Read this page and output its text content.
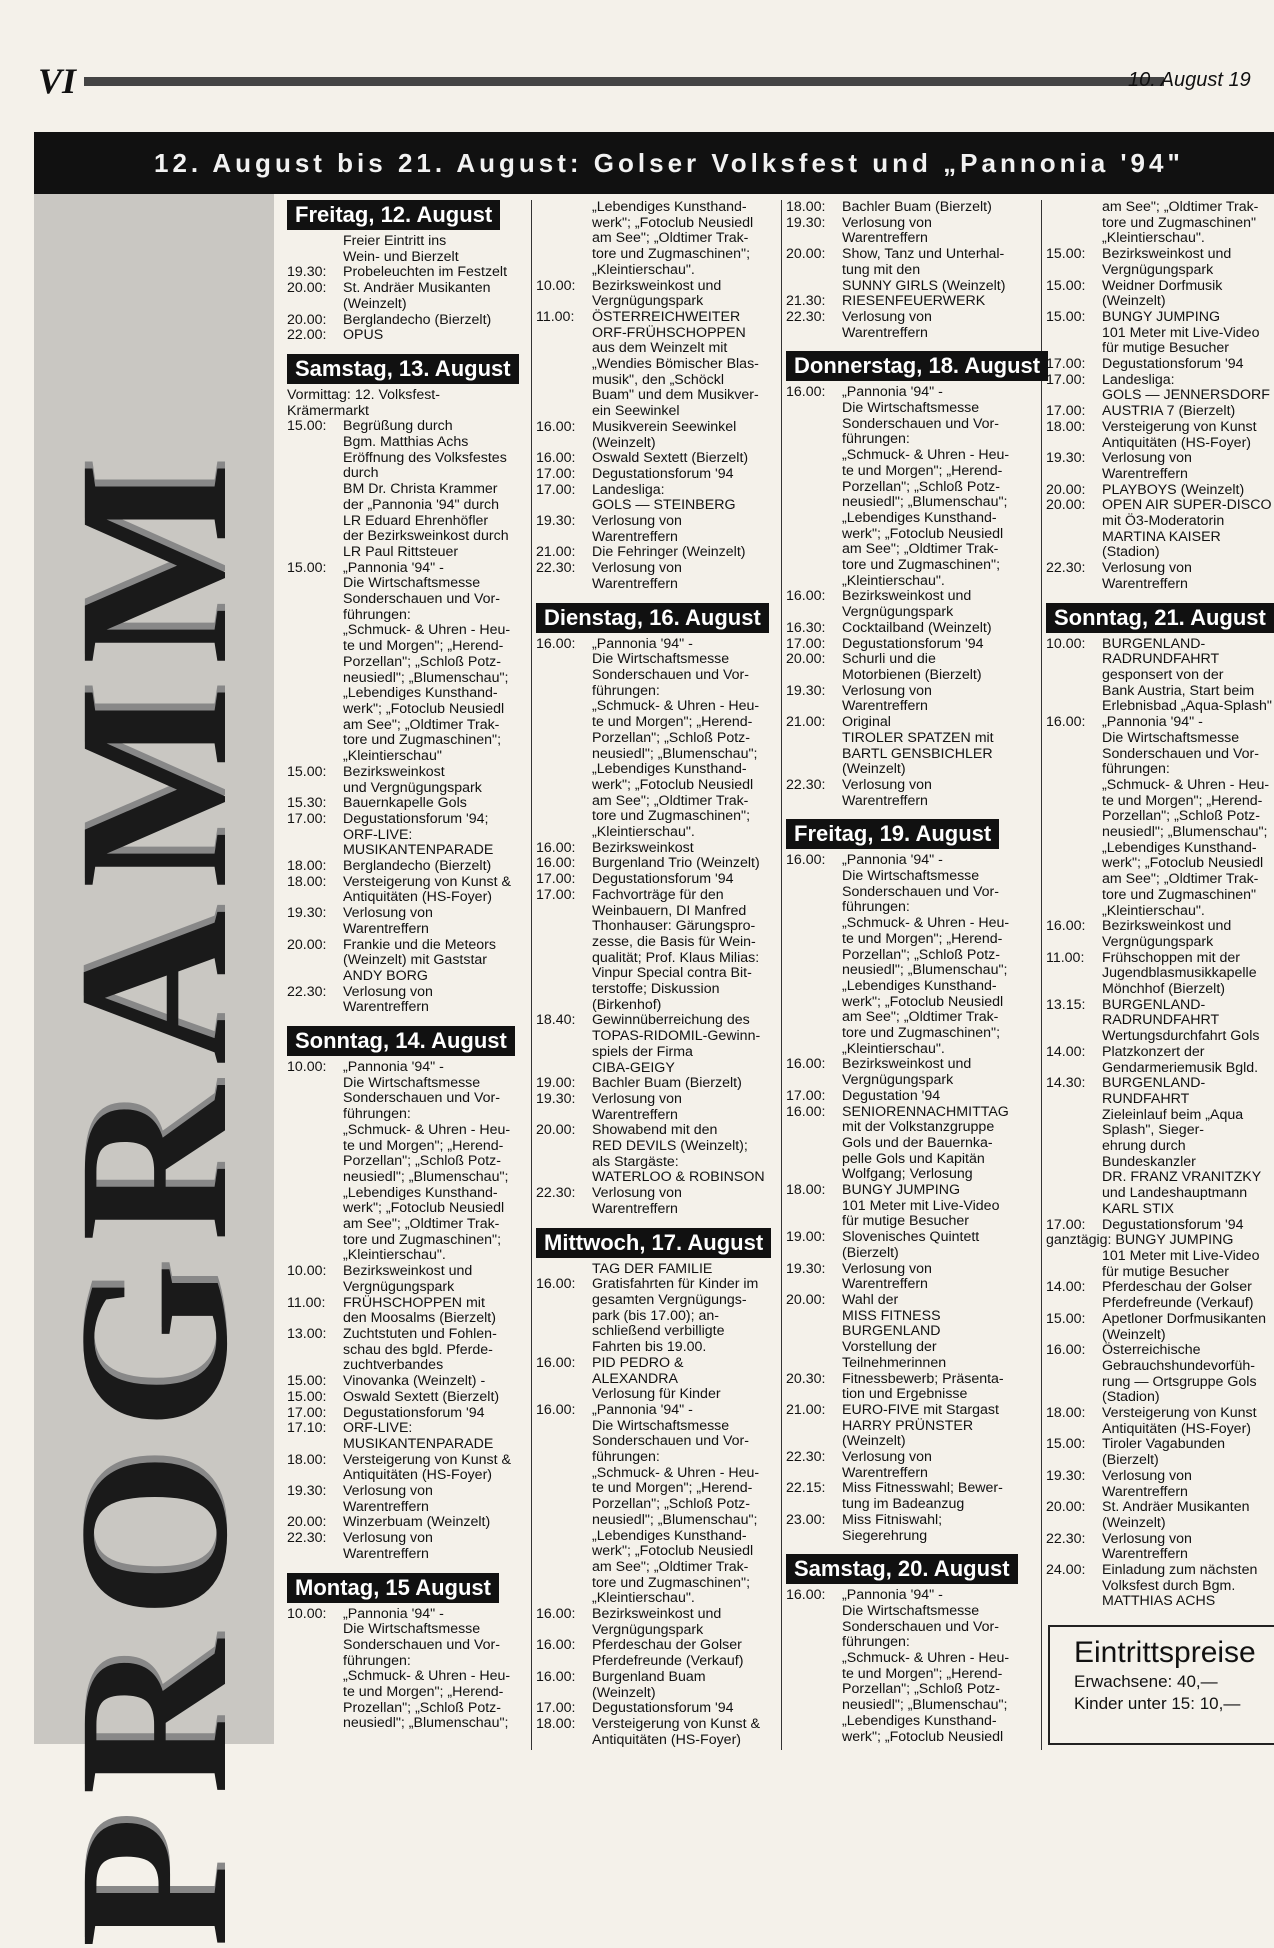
VI	10. August 19
12. August bis 21. August: Golser Volksfest und „Pannonia '94"
PROGRAMM
Freitag, 12. August
Freier Eintritt ins
Wein- und Bierzelt
19.30:	Probeleuchten im Festzelt
20.00:	St. Andräer Musikanten
(Weinzelt)
20.00:	Berglandecho (Bierzelt)
22.00:	OPUS
Samstag, 13. August
Vormittag: 12. Volksfest-
Krämermarkt
15.00:	Begrüßung durch
Bgm. Matthias Achs
Eröffnung des Volksfestes
durch
BM Dr. Christa Krammer
der „Pannonia '94" durch
LR Eduard Ehrenhöfler
der Bezirksweinkost durch
LR Paul Rittsteuer
15.00:	„Pannonia '94" -
Die Wirtschaftsmesse
Sonderschauen und Vor-
führungen:
„Schmuck- & Uhren - Heu-
te und Morgen"; „Herend-
Porzellan"; „Schloß Potz-
neusiedl"; „Blumenschau";
„Lebendiges Kunsthand-
werk"; „Fotoclub Neusiedl
am See"; „Oldtimer Trak-
tore und Zugmaschinen";
„Kleintierschau"
15.00:	Bezirksweinkost
und Vergnügungspark
15.30:	Bauernkapelle Gols
17.00:	Degustationsforum '94;
ORF-LIVE:
MUSIKANTENPARADE
18.00:	Berglandecho (Bierzelt)
18.00:	Versteigerung von Kunst &
Antiquitäten (HS-Foyer)
19.30:	Verlosung von
Warentreffern
20.00:	Frankie und die Meteors
(Weinzelt) mit Gaststar
ANDY BORG
22.30:	Verlosung von
Warentreffern
Sonntag, 14. August
10.00:	„Pannonia '94" -
Die Wirtschaftsmesse
Sonderschauen und Vor-
führungen:
„Schmuck- & Uhren - Heu-
te und Morgen"; „Herend-
Porzellan"; „Schloß Potz-
neusiedl"; „Blumenschau";
„Lebendiges Kunsthand-
werk"; „Fotoclub Neusiedl
am See"; „Oldtimer Trak-
tore und Zugmaschinen";
„Kleintierschau".
10.00:	Bezirksweinkost und
Vergnügungspark
11.00:	FRÜHSCHOPPEN mit
den Moosalms (Bierzelt)
13.00:	Zuchtstuten und Fohlen-
schau des bgld. Pferde-
zuchtverbandes
15.00:	Vinovanka (Weinzelt) -
15.00:	Oswald Sextett (Bierzelt)
17.00:	Degustationsforum '94
17.10:	ORF-LIVE:
MUSIKANTENPARADE
18.00:	Versteigerung von Kunst &
Antiquitäten (HS-Foyer)
19.30:	Verlosung von
Warentreffern
20.00:	Winzerbuam (Weinzelt)
22.30:	Verlosung von
Warentreffern
Montag, 15 August
10.00:	„Pannonia '94" -
Die Wirtschaftsmesse
Sonderschauen und Vor-
führungen:
„Schmuck- & Uhren - Heu-
te und Morgen"; „Herend-
Prozellan"; „Schloß Potz-
neusiedl"; „Blumenschau";
„Lebendiges Kunsthand-
werk"; „Fotoclub Neusiedl
am See"; „Oldtimer Trak-
tore und Zugmaschinen";
„Kleintierschau".
10.00:	Bezirksweinkost und
Vergnügungspark
11.00:	ÖSTERREICHWEITER
ORF-FRÜHSCHOPPEN
aus dem Weinzelt mit
„Wendies Bömischer Blas-
musik", den „Schöckl
Buam" und dem Musikver-
ein Seewinkel
16.00:	Musikverein Seewinkel
(Weinzelt)
16.00:	Oswald Sextett (Bierzelt)
17.00:	Degustationsforum '94
17.00:	Landesliga:
GOLS — STEINBERG
19.30:	Verlosung von
Warentreffern
21.00:	Die Fehringer (Weinzelt)
22.30:	Verlosung von
Warentreffern
Dienstag, 16. August
16.00:	„Pannonia '94" -
Die Wirtschaftsmesse
Sonderschauen und Vor-
führungen:
„Schmuck- & Uhren - Heu-
te und Morgen"; „Herend-
Porzellan"; „Schloß Potz-
neusiedl"; „Blumenschau";
„Lebendiges Kunsthand-
werk"; „Fotoclub Neusiedl
am See"; „Oldtimer Trak-
tore und Zugmaschinen";
„Kleintierschau".
16.00:	Bezirksweinkost
16.00:	Burgenland Trio (Weinzelt)
17.00:	Degustationsforum '94
17.00:	Fachvorträge für den
Weinbauern, DI Manfred
Thonhauser: Gärungspro-
zesse, die Basis für Wein-
qualität; Prof. Klaus Milias:
Vinpur Special contra Bit-
terstoffe; Diskussion
(Birkenhof)
18.40:	Gewinnüberreichung des
TOPAS-RIDOMIL-Gewinn-
spiels der Firma
CIBA-GEIGY
19.00:	Bachler Buam (Bierzelt)
19.30:	Verlosung von
Warentreffern
20.00:	Showabend mit den
RED DEVILS (Weinzelt);
als Stargäste:
WATERLOO & ROBINSON
22.30:	Verlosung von
Warentreffern
Mittwoch, 17. August
TAG DER FAMILIE
16.00:	Gratisfahrten für Kinder im
gesamten Vergnügungs-
park (bis 17.00); an-
schließend verbilligte
Fahrten bis 19.00.
16.00:	PID PEDRO &
ALEXANDRA
Verlosung für Kinder
16.00:	„Pannonia '94" -
Die Wirtschaftsmesse
Sonderschauen und Vor-
führungen:
„Schmuck- & Uhren - Heu-
te und Morgen"; „Herend-
Porzellan"; „Schloß Potz-
neusiedl"; „Blumenschau";
„Lebendiges Kunsthand-
werk"; „Fotoclub Neusiedl
am See"; „Oldtimer Trak-
tore und Zugmaschinen";
„Kleintierschau".
16.00:	Bezirksweinkost und
Vergnügungspark
16.00:	Pferdeschau der Golser
Pferdefreunde (Verkauf)
16.00:	Burgenland Buam
(Weinzelt)
17.00:	Degustationsforum '94
18.00:	Versteigerung von Kunst &
Antiquitäten (HS-Foyer)
18.00:	Bachler Buam (Bierzelt)
19.30:	Verlosung von
Warentreffern
20.00:	Show, Tanz und Unterhal-
tung mit den
SUNNY GIRLS (Weinzelt)
21.30:	RIESENFEUERWERK
22.30:	Verlosung von
Warentreffern
Donnerstag, 18. August
16.00:	„Pannonia '94" -
Die Wirtschaftsmesse
Sonderschauen und Vor-
führungen:
„Schmuck- & Uhren - Heu-
te und Morgen"; „Herend-
Porzellan"; „Schloß Potz-
neusiedl"; „Blumenschau";
„Lebendiges Kunsthand-
werk"; „Fotoclub Neusiedl
am See"; „Oldtimer Trak-
tore und Zugmaschinen";
„Kleintierschau".
16.00:	Bezirksweinkost und
Vergnügungspark
16.30:	Cocktailband (Weinzelt)
17.00:	Degustationsforum '94
20.00:	Schurli und die
Motorbienen (Bierzelt)
19.30:	Verlosung von
Warentreffern
21.00:	Original
TIROLER SPATZEN mit
BARTL GENSBICHLER
(Weinzelt)
22.30:	Verlosung von
Warentreffern
Freitag, 19. August
16.00:	„Pannonia '94" -
Die Wirtschaftsmesse
Sonderschauen und Vor-
führungen:
„Schmuck- & Uhren - Heu-
te und Morgen"; „Herend-
Porzellan"; „Schloß Potz-
neusiedl"; „Blumenschau";
„Lebendiges Kunsthand-
werk"; „Fotoclub Neusiedl
am See"; „Oldtimer Trak-
tore und Zugmaschinen";
„Kleintierschau".
16.00:	Bezirksweinkost und
Vergnügungspark
17.00:	Degustation '94
16.00:	SENIORENNACHMITTAG
mit der Volkstanzgruppe
Gols und der Bauernka-
pelle Gols und Kapitän
Wolfgang; Verlosung
18.00:	BUNGY JUMPING
101 Meter mit Live-Video
für mutige Besucher
19.00:	Slovenisches Quintett
(Bierzelt)
19.30:	Verlosung von
Warentreffern
20.00:	Wahl der
MISS FITNESS
BURGENLAND
Vorstellung der
Teilnehmerinnen
20.30:	Fitnessbewerb; Präsenta-
tion und Ergebnisse
21.00:	EURO-FIVE mit Stargast
HARRY PRÜNSTER
(Weinzelt)
22.30:	Verlosung von
Warentreffern
22.15:	Miss Fitnesswahl; Bewer-
tung im Badeanzug
23.00:	Miss Fitniswahl;
Siegerehrung
Samstag, 20. August
16.00:	„Pannonia '94" -
Die Wirtschaftsmesse
Sonderschauen und Vor-
führungen:
„Schmuck- & Uhren - Heu-
te und Morgen"; „Herend-
Porzellan"; „Schloß Potz-
neusiedl"; „Blumenschau";
„Lebendiges Kunsthand-
werk"; „Fotoclub Neusiedl
am See"; „Oldtimer Trak-
tore und Zugmaschinen"
„Kleintierschau".
15.00:	Bezirksweinkost und
Vergnügungspark
15.00:	Weidner Dorfmusik
(Weinzelt)
15.00:	BUNGY JUMPING
101 Meter mit Live-Video
für mutige Besucher
17.00:	Degustationsforum '94
17.00:	Landesliga:
GOLS — JENNERSDORF
17.00:	AUSTRIA 7 (Bierzelt)
18.00:	Versteigerung von Kunst
Antiquitäten (HS-Foyer)
19.30:	Verlosung von
Warentreffern
20.00:	PLAYBOYS (Weinzelt)
20.00:	OPEN AIR SUPER-DISCO
mit Ö3-Moderatorin
MARTINA KAISER
(Stadion)
22.30:	Verlosung von
Warentreffern
Sonntag, 21. August
10.00:	BURGENLAND-
RADRUNDFAHRT
gesponsert von der
Bank Austria, Start beim
Erlebnisbad „Aqua-Splash"
16.00:	„Pannonia '94" -
Die Wirtschaftsmesse
Sonderschauen und Vor-
führungen:
„Schmuck- & Uhren - Heu-
te und Morgen"; „Herend-
Porzellan"; „Schloß Potz-
neusiedl"; „Blumenschau";
„Lebendiges Kunsthand-
werk"; „Fotoclub Neusiedl
am See"; „Oldtimer Trak-
tore und Zugmaschinen"
„Kleintierschau".
16.00:	Bezirksweinkost und
Vergnügungspark
11.00:	Frühschoppen mit der
Jugendblasmusikkapelle
Mönchhof (Bierzelt)
13.15:	BURGENLAND-
RADRUNDFAHRT
Wertungsdurchfahrt Gols
14.00:	Platzkonzert der
Gendarmeriemusik Bgld.
14.30:	BURGENLAND-
RUNDFAHRT
Zieleinlauf beim „Aqua
Splash", Sieger-
ehrung durch
Bundeskanzler
DR. FRANZ VRANITZKY
und Landeshauptmann
KARL STIX
17.00:	Degustationsforum '94
ganztägig: BUNGY JUMPING
101 Meter mit Live-Video
für mutige Besucher
14.00:	Pferdeschau der Golser
Pferdefreunde (Verkauf)
15.00:	Apetloner Dorfmusikanten
(Weinzelt)
16.00:	Österreichische
Gebrauchshundevorfüh-
rung — Ortsgruppe Gols
(Stadion)
18.00:	Versteigerung von Kunst
Antiquitäten (HS-Foyer)
15.00:	Tiroler Vagabunden
(Bierzelt)
19.30:	Verlosung von
Warentreffern
20.00:	St. Andräer Musikanten
(Weinzelt)
22.30:	Verlosung von
Warentreffern
24.00:	Einladung zum nächsten
Volksfest durch Bgm.
MATTHIAS ACHS
Eintrittspreise
Erwachsene: 40,—
Kinder unter 15: 10,—
